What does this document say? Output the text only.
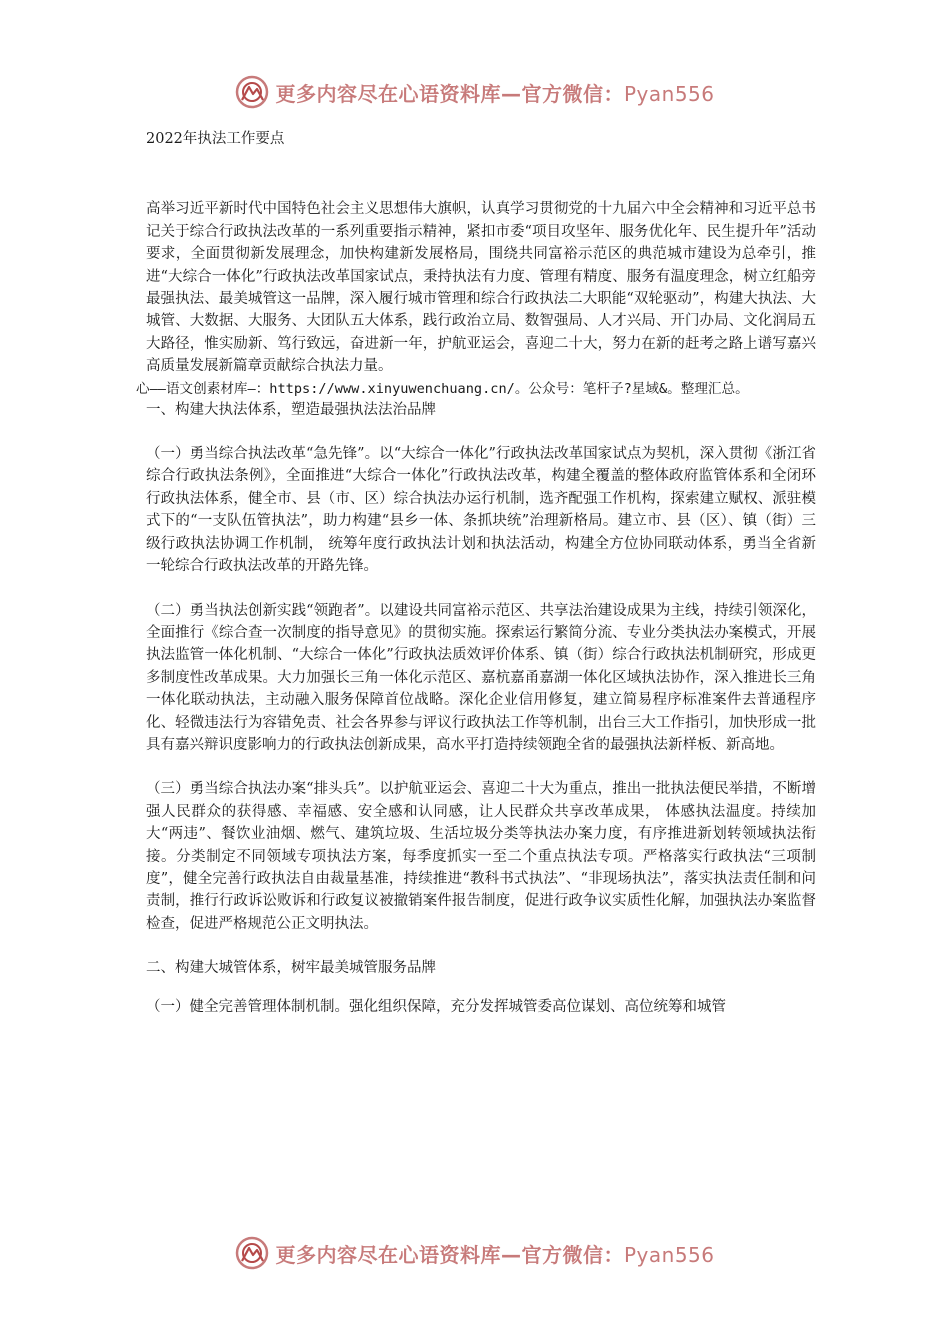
更多内容尽在心语资料库—官方微信：Pyan556

2022年执法工作要点

高举习近平新时代中国特色社会主义思想伟大旗帜，认真学习贯彻党的十九届六中全会精神和习近平总书记关于综合行政执法改革的一系列重要指示精神，紧扣市委“项目攻坚年、服务优化年、民生提升年”活动要求，全面贯彻新发展理念，加快构建新发展格局，围绕共同富裕示范区的典范城市建设为总牵引，推进“大综合一体化”行政执法改革国家试点，秉持执法有力度、管理有精度、服务有温度理念，树立红船旁最强执法、最美城管这一品牌，深入履行城市管理和综合行政执法二大职能“双轮驱动”，构建大执法、大城管、大数据、大服务、大团队五大体系，践行政治立局、数智强局、人才兴局、开门办局、文化润局五大路径，惟实励新、笃行致远，奋进新一年，护航亚运会，喜迎二十大，努力在新的赶考之路上谱写嘉兴高质量发展新篇章贡献综合执法力量。

心——语文创素材库—：https://www.xinyuwenchuang.cn/。公众号：笔杆子?星域&。整理汇总。

一、构建大执法体系，塑造最强执法法治品牌

（一）勇当综合执法改革“急先锋”。以“大综合一体化”行政执法改革国家试点为契机，深入贯彻《浙江省综合行政执法条例》，全面推进“大综合一体化”行政执法改革，构建全覆盖的整体政府监管体系和全闭环行政执法体系，健全市、县（市、区）综合执法办运行机制，选齐配强工作机构，探索建立赋权、派驻模式下的“一支队伍管执法”，助力构建“县乡一体、条抓块统”治理新格局。建立市、县（区）、镇（街）三级行政执法协调工作机制， 统筹年度行政执法计划和执法活动，构建全方位协同联动体系，勇当全省新一轮综合行政执法改革的开路先锋。

（二）勇当执法创新实践“领跑者”。以建设共同富裕示范区、共享法治建设成果为主线，持续引领深化，全面推行《综合查一次制度的指导意见》的贯彻实施。探索运行繁简分流、专业分类执法办案模式，开展执法监管一体化机制、“大综合一体化”行政执法质效评价体系、镇（街）综合行政执法机制研究，形成更多制度性改革成果。大力加强长三角一体化示范区、嘉杭嘉甬嘉湖一体化区域执法协作，深入推进长三角一体化联动执法，主动融入服务保障首位战略。深化企业信用修复，建立简易程序标准案件去普通程序化、轻微违法行为容错免责、社会各界参与评议行政执法工作等机制，出台三大工作指引，加快形成一批具有嘉兴辩识度影响力的行政执法创新成果，高水平打造持续领跑全省的最强执法新样板、新高地。

（三）勇当综合执法办案“排头兵”。以护航亚运会、喜迎二十大为重点，推出一批执法便民举措，不断增强人民群众的获得感、幸福感、安全感和认同感，让人民群众共享改革成果， 体感执法温度。持续加大“两违”、餐饮业油烟、燃气、建筑垃圾、生活垃圾分类等执法办案力度，有序推进新划转领域执法衔接。分类制定不同领域专项执法方案，每季度抓实一至二个重点执法专项。严格落实行政执法“三项制度”，健全完善行政执法自由裁量基准，持续推进“教科书式执法”、“非现场执法”，落实执法责任制和问责制，推行行政诉讼败诉和行政复议被撤销案件报告制度，促进行政争议实质性化解，加强执法办案监督检查，促进严格规范公正文明执法。

二、构建大城管体系，树牢最美城管服务品牌

（一）健全完善管理体制机制。强化组织保障，充分发挥城管委高位谋划、高位统筹和城管

更多内容尽在心语资料库—官方微信：Pyan556
